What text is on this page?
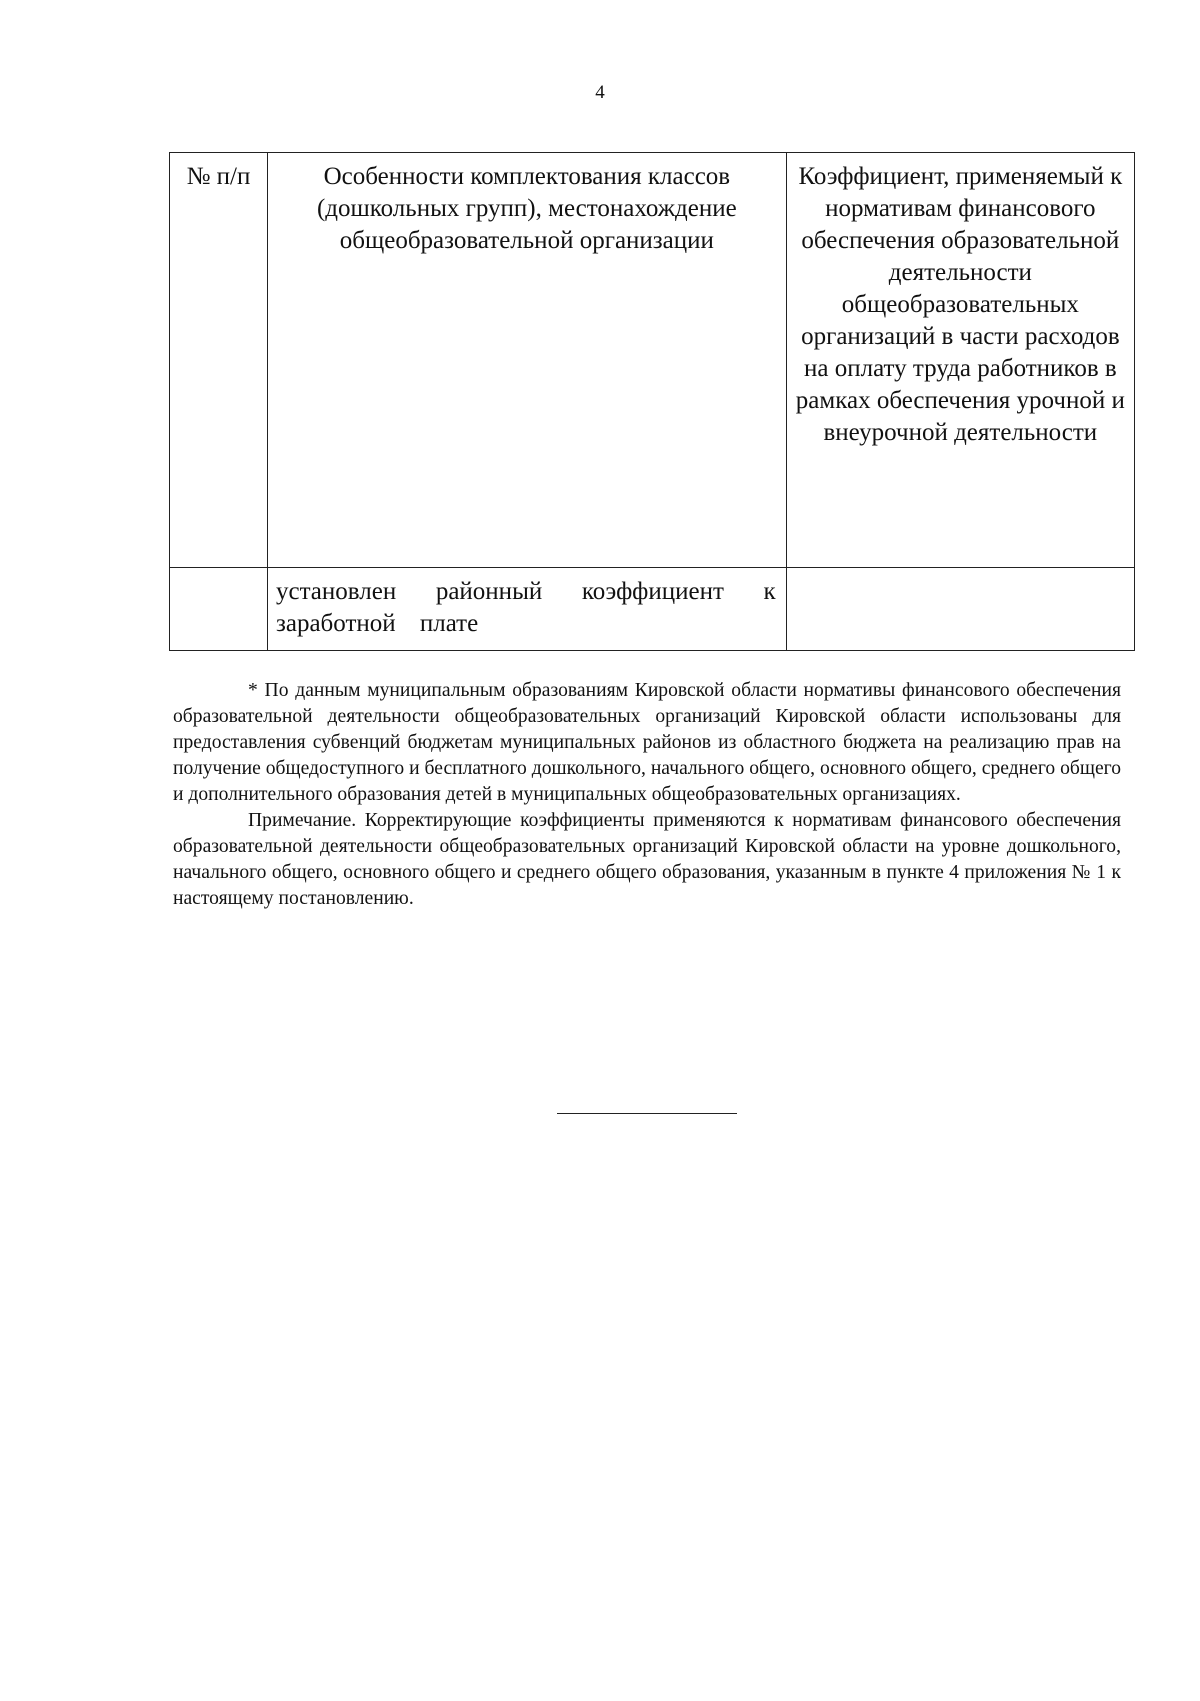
4
№ п/п	Особенности комплектования классов (дошкольных групп), местонахождение общеобразовательной организации	Коэффициент, применяемый к нормативам финансового обеспечения образовательной деятельности общеобразовательных организаций в части расходов на оплату труда работников в рамках обеспечения урочной и внеурочной деятельности
	установлен районный коэффициент к заработной плате	

* По данным муниципальным образованиям Кировской области нормативы финансового обеспечения образовательной деятельности общеобразовательных организаций Кировской области использованы для предоставления субвенций бюджетам муниципальных районов из областного бюджета на реализацию прав на получение общедоступного и бесплатного дошкольного, начального общего, основного общего, среднего общего и дополнительного образования детей в муниципальных общеобразовательных организациях.

Примечание. Корректирующие коэффициенты применяются к нормативам финансового обеспечения образовательной деятельности общеобразовательных организаций Кировской области на уровне дошкольного, начального общего, основного общего и среднего общего образования, указанным в пункте 4 приложения № 1 к настоящему постановлению.
